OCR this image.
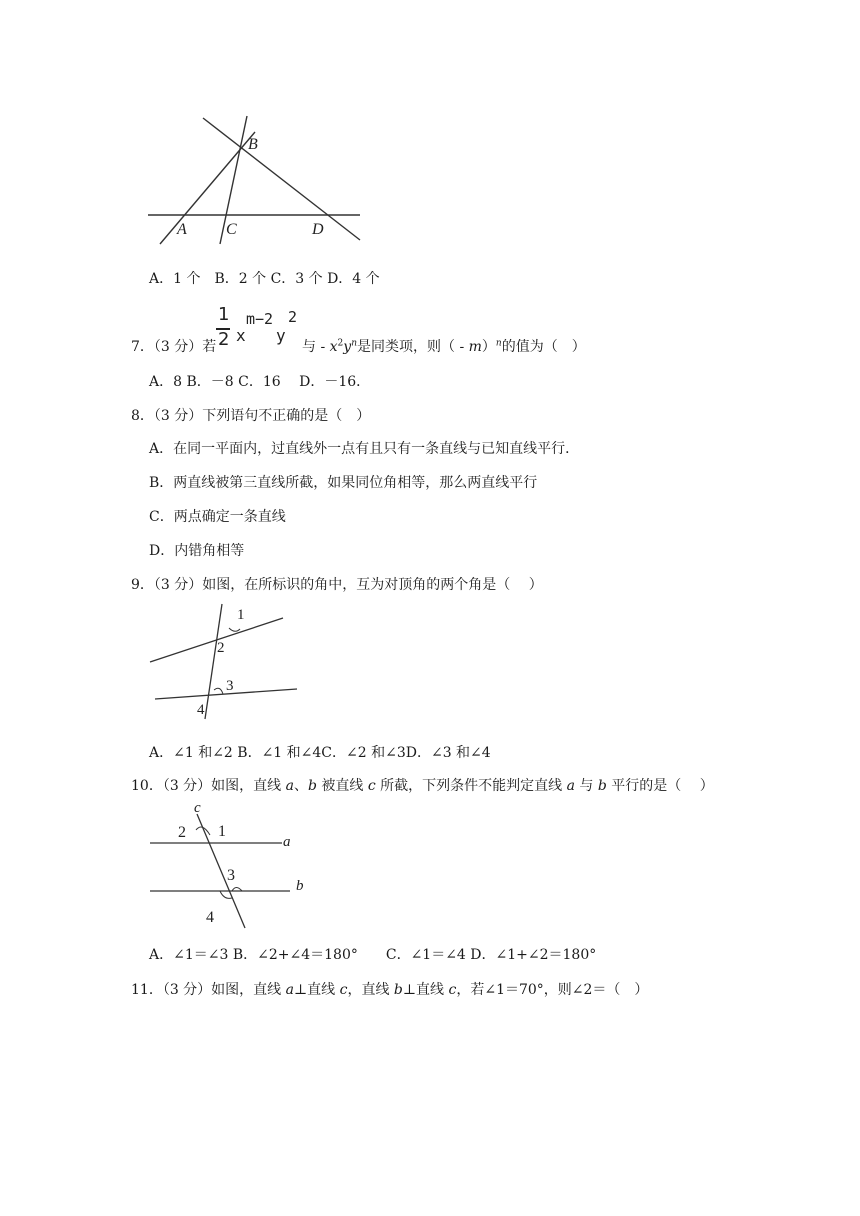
B
A C	D
A．1 个　B．2 个 C．3 个 D．4 个
7．（3 分）若
1
2 x
m−2
y
2
与 - $x^2y^n$是同类项，则（ - m）$^n$的值为（　）
A．8 B．－8 C．16　 D．－16．
8．（3 分）下列语句不正确的是（　）
A．在同一平面内，过直线外一点有且只有一条直线与已知直线平行．
B．两直线被第三直线所截，如果同位角相等，那么两直线平行
C．两点确定一条直线
D．内错角相等
9．（3 分）如图，在所标识的角中，互为对顶角的两个角是（　 ）
1
2
3
4
A．∠1 和∠2 B．∠1 和∠4C．∠2 和∠3D．∠3 和∠4
10．（3 分）如图，直线 a、b 被直线 c 所截，下列条件不能判定直线 a 与 b 平行的是（　 ）
c
2 1
a
3
b
4
A．∠1＝∠3 B．∠2+∠4＝180°　　C．∠1＝∠4 D．∠1+∠2＝180°
11．（3 分）如图，直线 a⊥直线 c，直线 b⊥直线 c，若∠1＝70°，则∠2＝（　）
